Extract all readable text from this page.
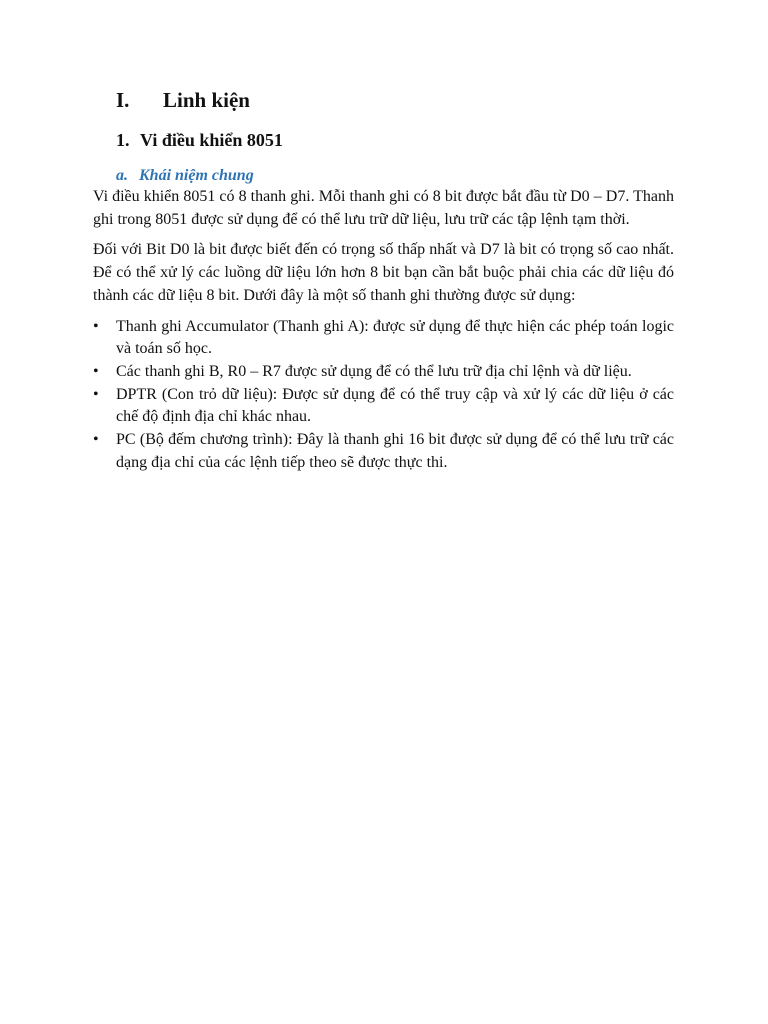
I.	Linh kiện
1. Vi điều khiển 8051
a. Khái niệm chung

Vi điều khiển 8051 có 8 thanh ghi. Mỗi thanh ghi có 8 bit được bắt đầu từ D0 – D7. Thanh ghi trong 8051 được sử dụng để có thể lưu trữ dữ liệu, lưu trữ các tập lệnh tạm thời.

Đối với Bit D0 là bit được biết đến có trọng số thấp nhất và D7 là bit có trọng số cao nhất. Để có thể xử lý các luồng dữ liệu lớn hơn 8 bit bạn cần bắt buộc phải chia các dữ liệu đó thành các dữ liệu 8 bit. Dưới đây là một số thanh ghi thường được sử dụng:

•	Thanh ghi Accumulator (Thanh ghi A): được sử dụng để thực hiện các phép toán logic và toán số học.
•	Các thanh ghi B, R0 – R7 được sử dụng để có thể lưu trữ địa chỉ lệnh và dữ liệu.
•	DPTR (Con trỏ dữ liệu): Được sử dụng để có thể truy cập và xử lý các dữ liệu ở các chế độ định địa chỉ khác nhau.
•	PC (Bộ đếm chương trình): Đây là thanh ghi 16 bit được sử dụng để có thể lưu trữ các dạng địa chỉ của các lệnh tiếp theo sẽ được thực thi.
